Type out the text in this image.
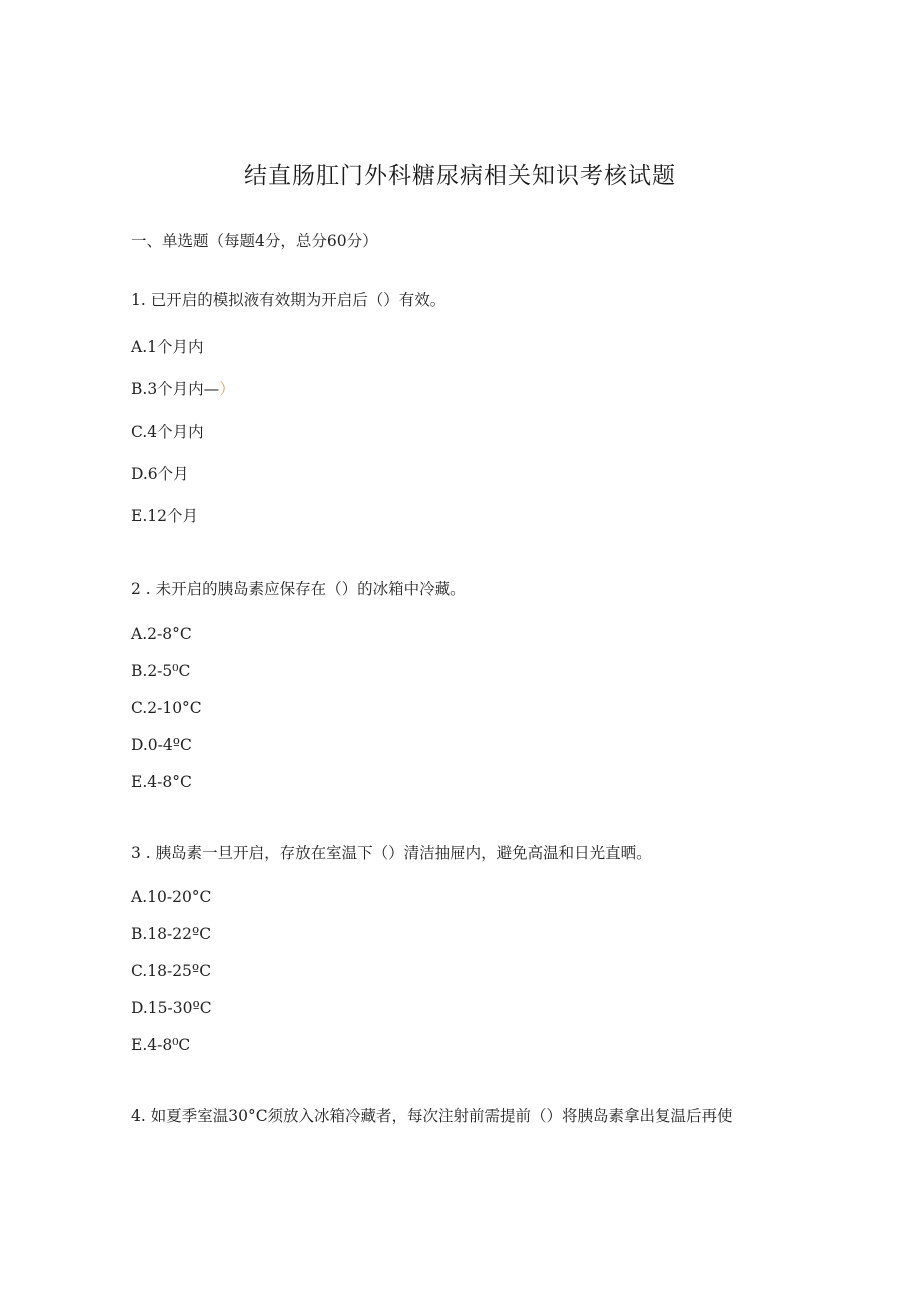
结直肠肛门外科糖尿病相关知识考核试题
一、单选题（每题4分，总分60分）
1. 已开启的模拟液有效期为开启后（）有效。
A.1个月内
B.3个月内—）
C.4个月内
D.6个月
E.12个月
2 . 未开启的胰岛素应保存在（）的冰箱中冷藏。
A.2-8°C
B.2-5⁰C
C.2-10°C
D.0-4ºC
E.4-8°C
3 . 胰岛素一旦开启，存放在室温下（）清洁抽屉内，避免高温和日光直晒。
A.10-20°C
B.18-22ºC
C.18-25ºC
D.15-30ºC
E.4-8⁰C
4. 如夏季室温30°C须放入冰箱冷藏者，每次注射前需提前（）将胰岛素拿出复温后再使
